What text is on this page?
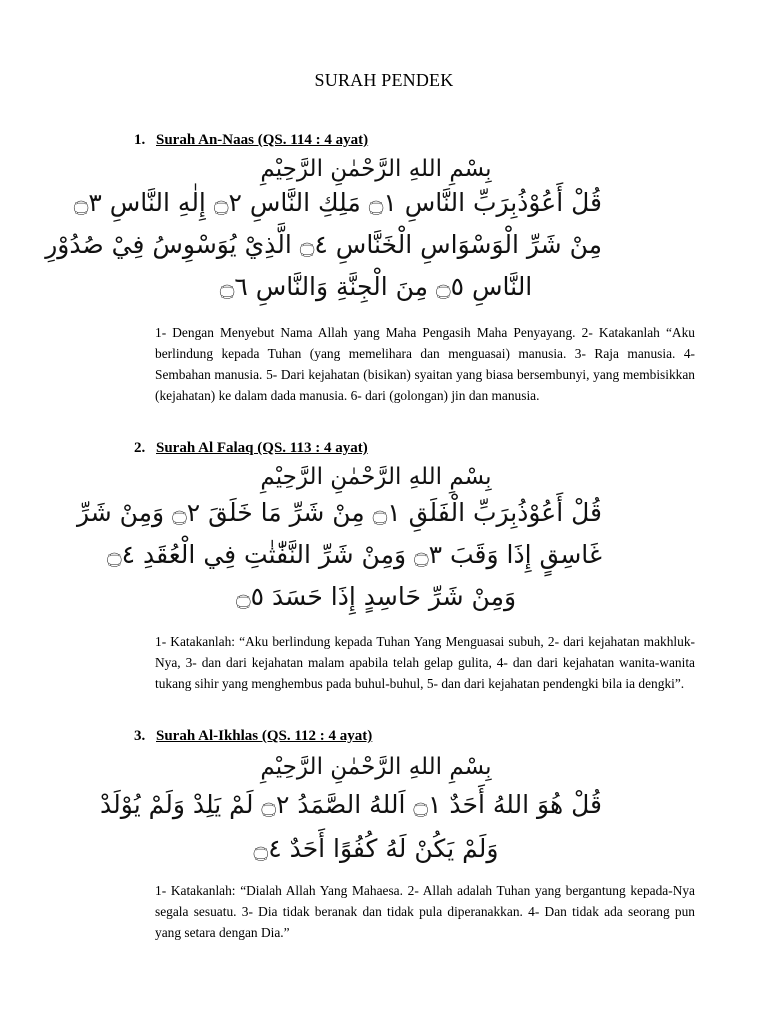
SURAH PENDEK
1. Surah An-Naas (QS. 114 : 4 ayat)
بِسْمِ اللهِ الرَّحْمٰنِ الرَّحِيْمِ
قُلْ أَعُوْذُبِرَبِّ النَّاسِ ۝١ مَلِكِ النَّاسِ ۝٢ إِلٰهِ النَّاسِ ۝٣
مِنْ شَرِّ الْوَسْوَاسِ الْخَنَّاسِ ۝٤ الَّذِيْ يُوَسْوِسُ فِيْ صُدُوْرِ
النَّاسِ ۝٥ مِنَ الْجِنَّةِ وَالنَّاسِ ۝٦
1- Dengan Menyebut Nama Allah yang Maha Pengasih Maha Penyayang. 2- Katakanlah “Aku berlindung kepada Tuhan (yang memelihara dan menguasai) manusia. 3- Raja manusia. 4- Sembahan manusia. 5- Dari kejahatan (bisikan) syaitan yang biasa bersembunyi, yang membisikkan (kejahatan) ke dalam dada manusia. 6- dari (golongan) jin dan manusia.
2. Surah Al Falaq (QS. 113 : 4 ayat)
بِسْمِ اللهِ الرَّحْمٰنِ الرَّحِيْمِ
قُلْ أَعُوْذُبِرَبِّ الْفَلَقِ ۝١ مِنْ شَرِّ مَا خَلَقَ ۝٢ وَمِنْ شَرِّ
غَاسِقٍ إِذَا وَقَبَ ۝٣ وَمِنْ شَرِّ النَّفّٰثٰتِ فِي الْعُقَدِ ۝٤
وَمِنْ شَرِّ حَاسِدٍ إِذَا حَسَدَ ۝٥
1- Katakanlah: “Aku berlindung kepada Tuhan Yang Menguasai subuh, 2- dari kejahatan makhluk-Nya, 3- dan dari kejahatan malam apabila telah gelap gulita, 4- dan dari kejahatan wanita-wanita tukang sihir yang menghembus pada buhul-buhul, 5- dan dari kejahatan pendengki bila ia dengki”.
3. Surah Al-Ikhlas (QS. 112 : 4 ayat)
بِسْمِ اللهِ الرَّحْمٰنِ الرَّحِيْمِ
قُلْ هُوَ اللهُ أَحَدٌ ۝١ اَللهُ الصَّمَدُ ۝٢ لَمْ يَلِدْ وَلَمْ يُوْلَدْ
وَلَمْ يَكُنْ لَهُ كُفُوًا أَحَدٌ ۝٤
1- Katakanlah: “Dialah Allah Yang Mahaesa. 2- Allah adalah Tuhan yang bergantung kepada-Nya segala sesuatu. 3- Dia tidak beranak dan tidak pula diperanakkan. 4- Dan tidak ada seorang pun yang setara dengan Dia.”
